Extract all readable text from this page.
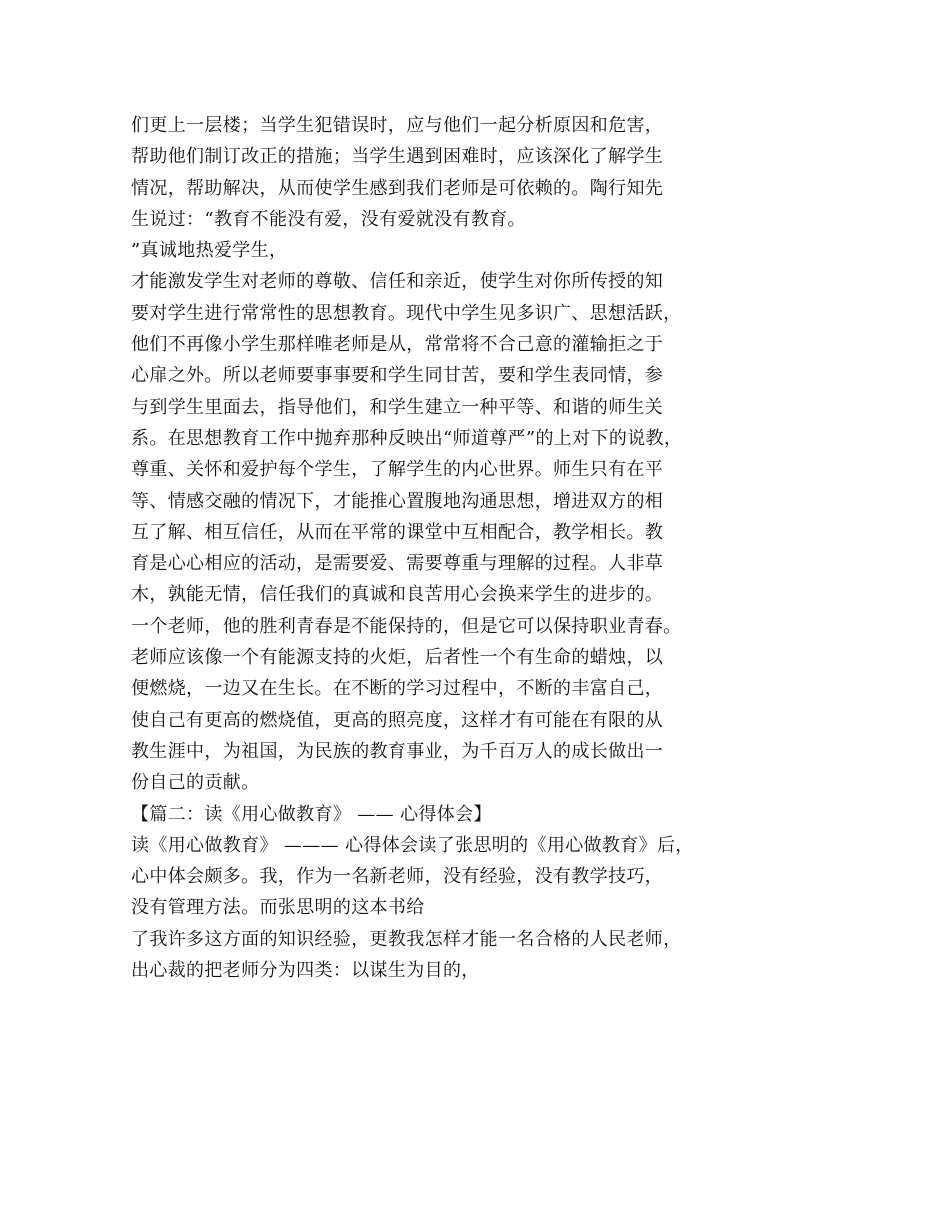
们更上一层楼；当学生犯错误时，应与他们一起分析原因和危害，
帮助他们制订改正的措施；当学生遇到困难时，应该深化了解学生
情况，帮助解决，从而使学生感到我们老师是可依赖的。陶行知先
生说过：“教育不能没有爱，没有爱就没有教育。
”真诚地热爱学生，
才能激发学生对老师的尊敬、信任和亲近，使学生对你所传授的知
要对学生进行常常性的思想教育。现代中学生见多识广、思想活跃，
他们不再像小学生那样唯老师是从，常常将不合己意的灌输拒之于
心扉之外。所以老师要事事要和学生同甘苦，要和学生表同情，参
与到学生里面去，指导他们，和学生建立一种平等、和谐的师生关
系。在思想教育工作中抛弃那种反映出“师道尊严”的上对下的说教，
尊重、关怀和爱护每个学生，了解学生的内心世界。师生只有在平
等、情感交融的情况下，才能推心置腹地沟通思想，增进双方的相
互了解、相互信任，从而在平常的课堂中互相配合，教学相长。教
育是心心相应的活动，是需要爱、需要尊重与理解的过程。人非草
木，孰能无情，信任我们的真诚和良苦用心会换来学生的进步的。
一个老师，他的胜利青春是不能保持的，但是它可以保持职业青春。
老师应该像一个有能源支持的火炬，后者性一个有生命的蜡烛，以
便燃烧，一边又在生长。在不断的学习过程中，不断的丰富自己，
使自己有更高的燃烧值，更高的照亮度，这样才有可能在有限的从
教生涯中，为祖国，为民族的教育事业，为千百万人的成长做出一
份自己的贡献。
【篇二：读《用心做教育》 —— 心得体会】
读《用心做教育》 ——— 心得体会读了张思明的《用心做教育》后，
心中体会颇多。我，作为一名新老师，没有经验，没有教学技巧，
没有管理方法。而张思明的这本书给
了我许多这方面的知识经验，更教我怎样才能一名合格的人民老师，
出心裁的把老师分为四类：以谋生为目的，
